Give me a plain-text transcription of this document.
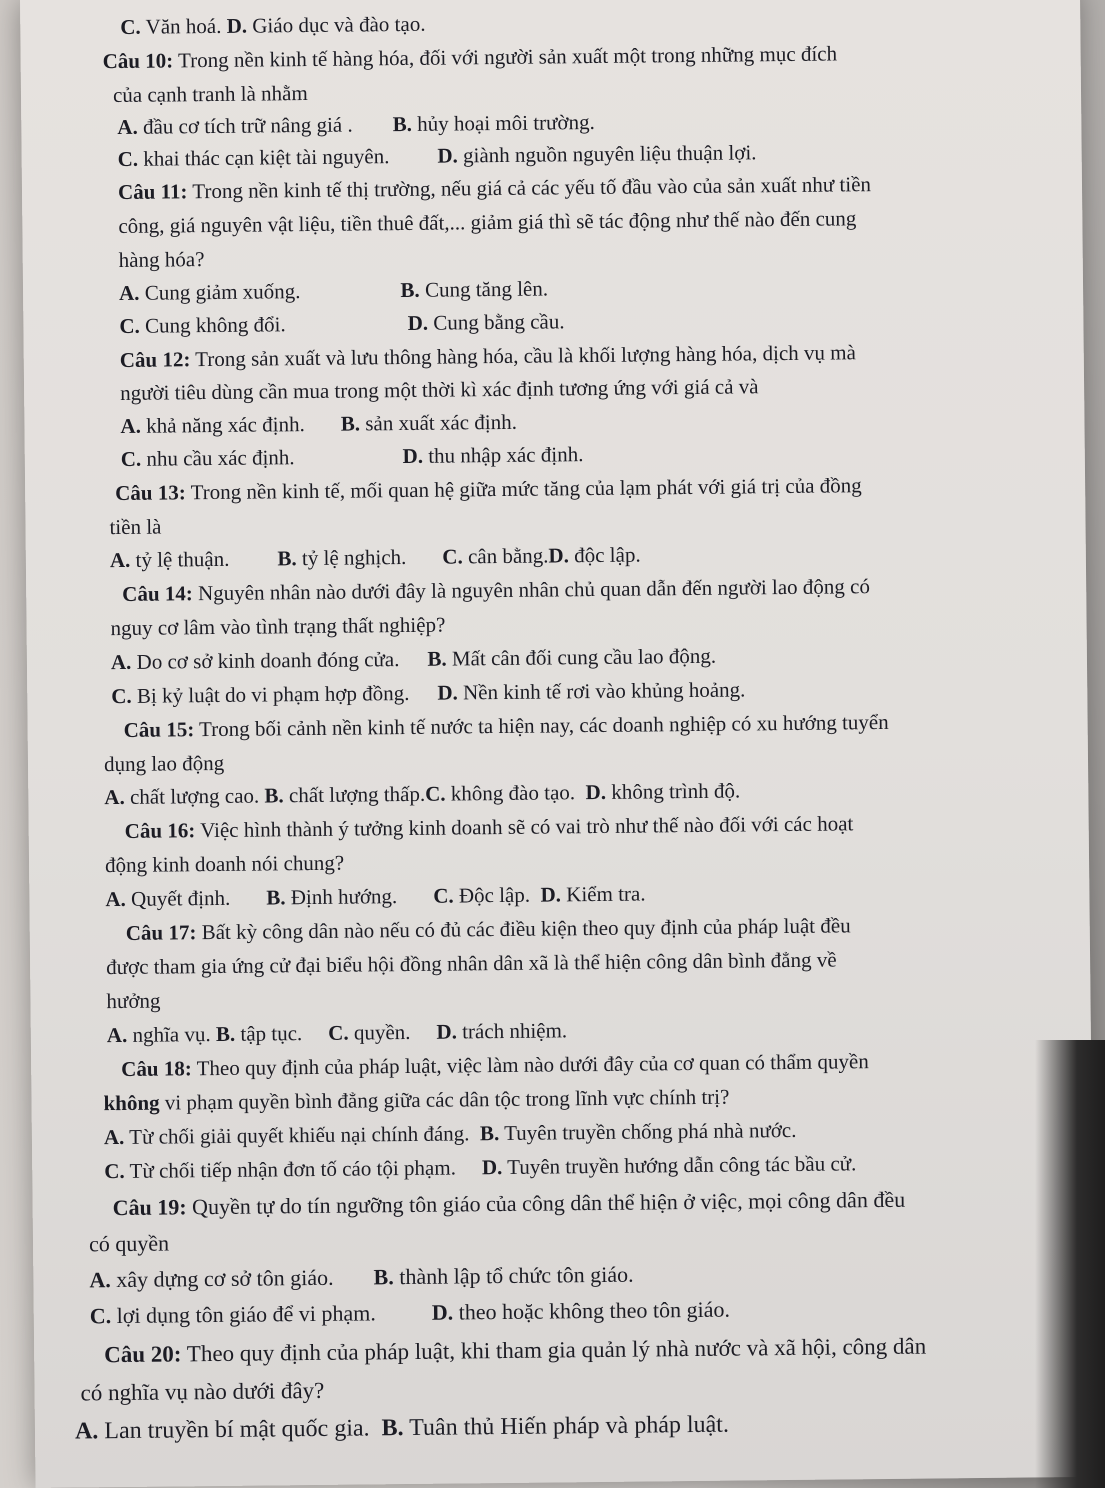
C. Văn hoá. D. Giáo dục và đào tạo.
Câu 10: Trong nền kinh tế hàng hóa, đối với người sản xuất một trong những mục đích
của cạnh tranh là nhằm
A. đầu cơ tích trữ nâng giá . B. hủy hoại môi trường.
C. khai thác cạn kiệt tài nguyên. D. giành nguồn nguyên liệu thuận lợi.
Câu 11: Trong nền kinh tế thị trường, nếu giá cả các yếu tố đầu vào của sản xuất như tiền
công, giá nguyên vật liệu, tiền thuê đất,... giảm giá thì sẽ tác động như thế nào đến cung
hàng hóa?
A. Cung giảm xuống.	B. Cung tăng lên.
C. Cung không đổi.	D. Cung bằng cầu.
Câu 12: Trong sản xuất và lưu thông hàng hóa, cầu là khối lượng hàng hóa, dịch vụ mà
người tiêu dùng cần mua trong một thời kì xác định tương ứng với giá cả và
A. khả năng xác định. B. sản xuất xác định.
C. nhu cầu xác định.	D. thu nhập xác định.
Câu 13: Trong nền kinh tế, mối quan hệ giữa mức tăng của lạm phát với giá trị của đồng
tiền là
A. tỷ lệ thuận. B. tỷ lệ nghịch. C. cân bằng.D. độc lập.
Câu 14: Nguyên nhân nào dưới đây là nguyên nhân chủ quan dẫn đến người lao động có
nguy cơ lâm vào tình trạng thất nghiệp?
A. Do cơ sở kinh doanh đóng cửa. B. Mất cân đối cung cầu lao động.
C. Bị kỷ luật do vi phạm hợp đồng. D. Nền kinh tế rơi vào khủng hoảng.
Câu 15: Trong bối cảnh nền kinh tế nước ta hiện nay, các doanh nghiệp có xu hướng tuyển
dụng lao động
A. chất lượng cao. B. chất lượng thấp.C. không đào tạo.  D. không trình độ.
Câu 16: Việc hình thành ý tưởng kinh doanh sẽ có vai trò như thế nào đối với các hoạt
động kinh doanh nói chung?
A. Quyết định. B. Định hướng. C. Độc lập.  D. Kiểm tra.
Câu 17: Bất kỳ công dân nào nếu có đủ các điều kiện theo quy định của pháp luật đều
được tham gia ứng cử đại biểu hội đồng nhân dân xã là thể hiện công dân bình đẳng về
hưởng
A. nghĩa vụ. B. tập tục. C. quyền. D. trách nhiệm.
Câu 18: Theo quy định của pháp luật, việc làm nào dưới đây của cơ quan có thẩm quyền
không vi phạm quyền bình đẳng giữa các dân tộc trong lĩnh vực chính trị?
A. Từ chối giải quyết khiếu nại chính đáng.  B. Tuyên truyền chống phá nhà nước.
C. Từ chối tiếp nhận đơn tố cáo tội phạm. D. Tuyên truyền hướng dẫn công tác bầu cử.
Câu 19: Quyền tự do tín ngưỡng tôn giáo của công dân thể hiện ở việc, mọi công dân đều
có quyền
A. xây dựng cơ sở tôn giáo. B. thành lập tổ chức tôn giáo.
C. lợi dụng tôn giáo để vi phạm.	D. theo hoặc không theo tôn giáo.
Câu 20: Theo quy định của pháp luật, khi tham gia quản lý nhà nước và xã hội, công dân
có nghĩa vụ nào dưới đây?
A. Lan truyền bí mật quốc gia.  B. Tuân thủ Hiến pháp và pháp luật.
